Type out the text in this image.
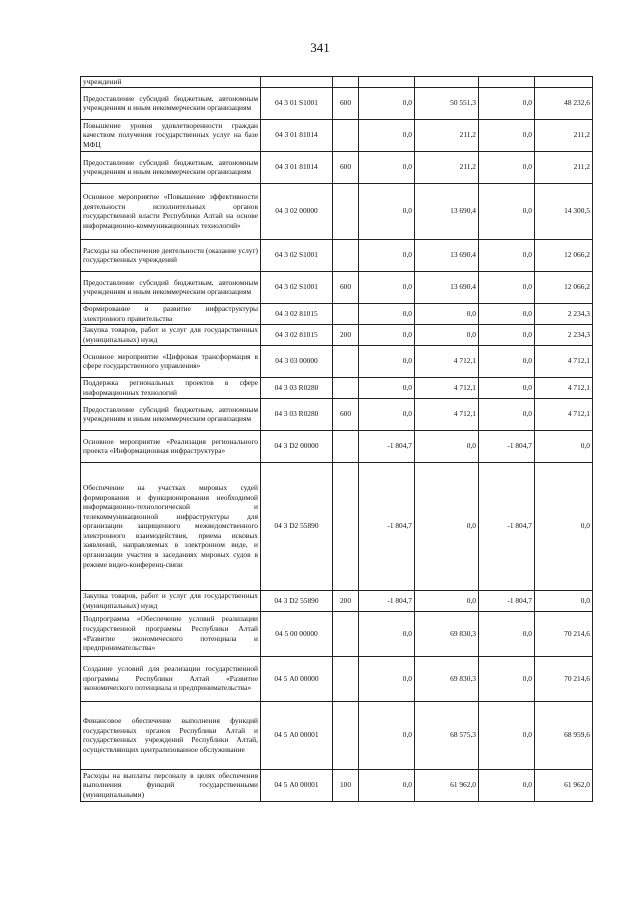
341
учреждений						
Предоставление субсидий бюджетным, автономным учреждениям и иным некоммерческим организациям	04 3 01 S1001	600	0,0	50 551,3	0,0	48 232,6
Повышение уровня удовлетворенности граждан качеством получения государственных услуг на базе МФЦ	04 3 01 81014		0,0	211,2	0,0	211,2
Предоставление субсидий бюджетным, автономным учреждениям и иным некоммерческим организациям	04 3 01 81014	600	0,0	211,2	0,0	211,2
Основное мероприятие «Повышение эффективности деятельности исполнительных органов государственной власти Республики Алтай на основе информационно-коммуникационных технологий»	04 3 02 00000		0,0	13 690,4	0,0	14 300,5
Расходы на обеспечение деятельности (оказание услуг) государственных учреждений	04 3 02 S1001		0,0	13 690,4	0,0	12 066,2
Предоставление субсидий бюджетным, автономным учреждениям и иным некоммерческим организациям	04 3 02 S1001	600	0,0	13 690,4	0,0	12 066,2
Формирование и развитие инфраструктуры электронного правительства	04 3 02 81015		0,0	0,0	0,0	2 234,3
Закупка товаров, работ и услуг для государственных (муниципальных) нужд	04 3 02 81015	200	0,0	0,0	0,0	2 234,3
Основное мероприятие «Цифровая трансформация в сфере государственного управления»	04 3 03 00000		0,0	4 712,1	0,0	4 712,1
Поддержка региональных проектов в сфере информационных технологий	04 3 03 R0280		0,0	4 712,1	0,0	4 712,1
Предоставление субсидий бюджетным, автономным учреждениям и иным некоммерческим организациям	04 3 03 R0280	600	0,0	4 712,1	0,0	4 712,1
Основное мероприятие «Реализация регионального проекта «Информационная инфраструктура»	04 3 D2 00000		-1 804,7	0,0	-1 804,7	0,0
Обеспечение на участках мировых судей формирования и функционирования необходимой информационно-технологической и телекоммуникационной инфраструктуры для организации защищенного межведомственного электронного взаимодействия, приема исковых заявлений, направляемых в электронном виде, и организации участия в заседаниях мировых судов в режиме видео-конференц-связи	04 3 D2 55890		-1 804,7	0,0	-1 804,7	0,0
Закупка товаров, работ и услуг для государственных (муниципальных) нужд	04 3 D2 55890	200	-1 804,7	0,0	-1 804,7	0,0
Подпрограмма «Обеспечение условий реализации государственной программы Республики Алтай «Развитие экономического потенциала и предпринимательства»	04 5 00 00000		0,0	69 830,3	0,0	70 214,6
Создание условий для реализации государственной программы Республики Алтай «Развитие экономического потенциала и предпринимательства»	04 5 А0 00000		0,0	69 830,3	0,0	70 214,6
Финансовое обеспечение выполнения функций государственных органов Республики Алтай и государственных учреждений Республики Алтай, осуществляющих централизованное обслуживание	04 5 А0 00001		0,0	68 575,3	0,0	68 959,6
Расходы на выплаты персоналу в целях обеспечения выполнения функций государственными (муниципальными)	04 5 А0 00001	100	0,0	61 962,0	0,0	61 962,0
